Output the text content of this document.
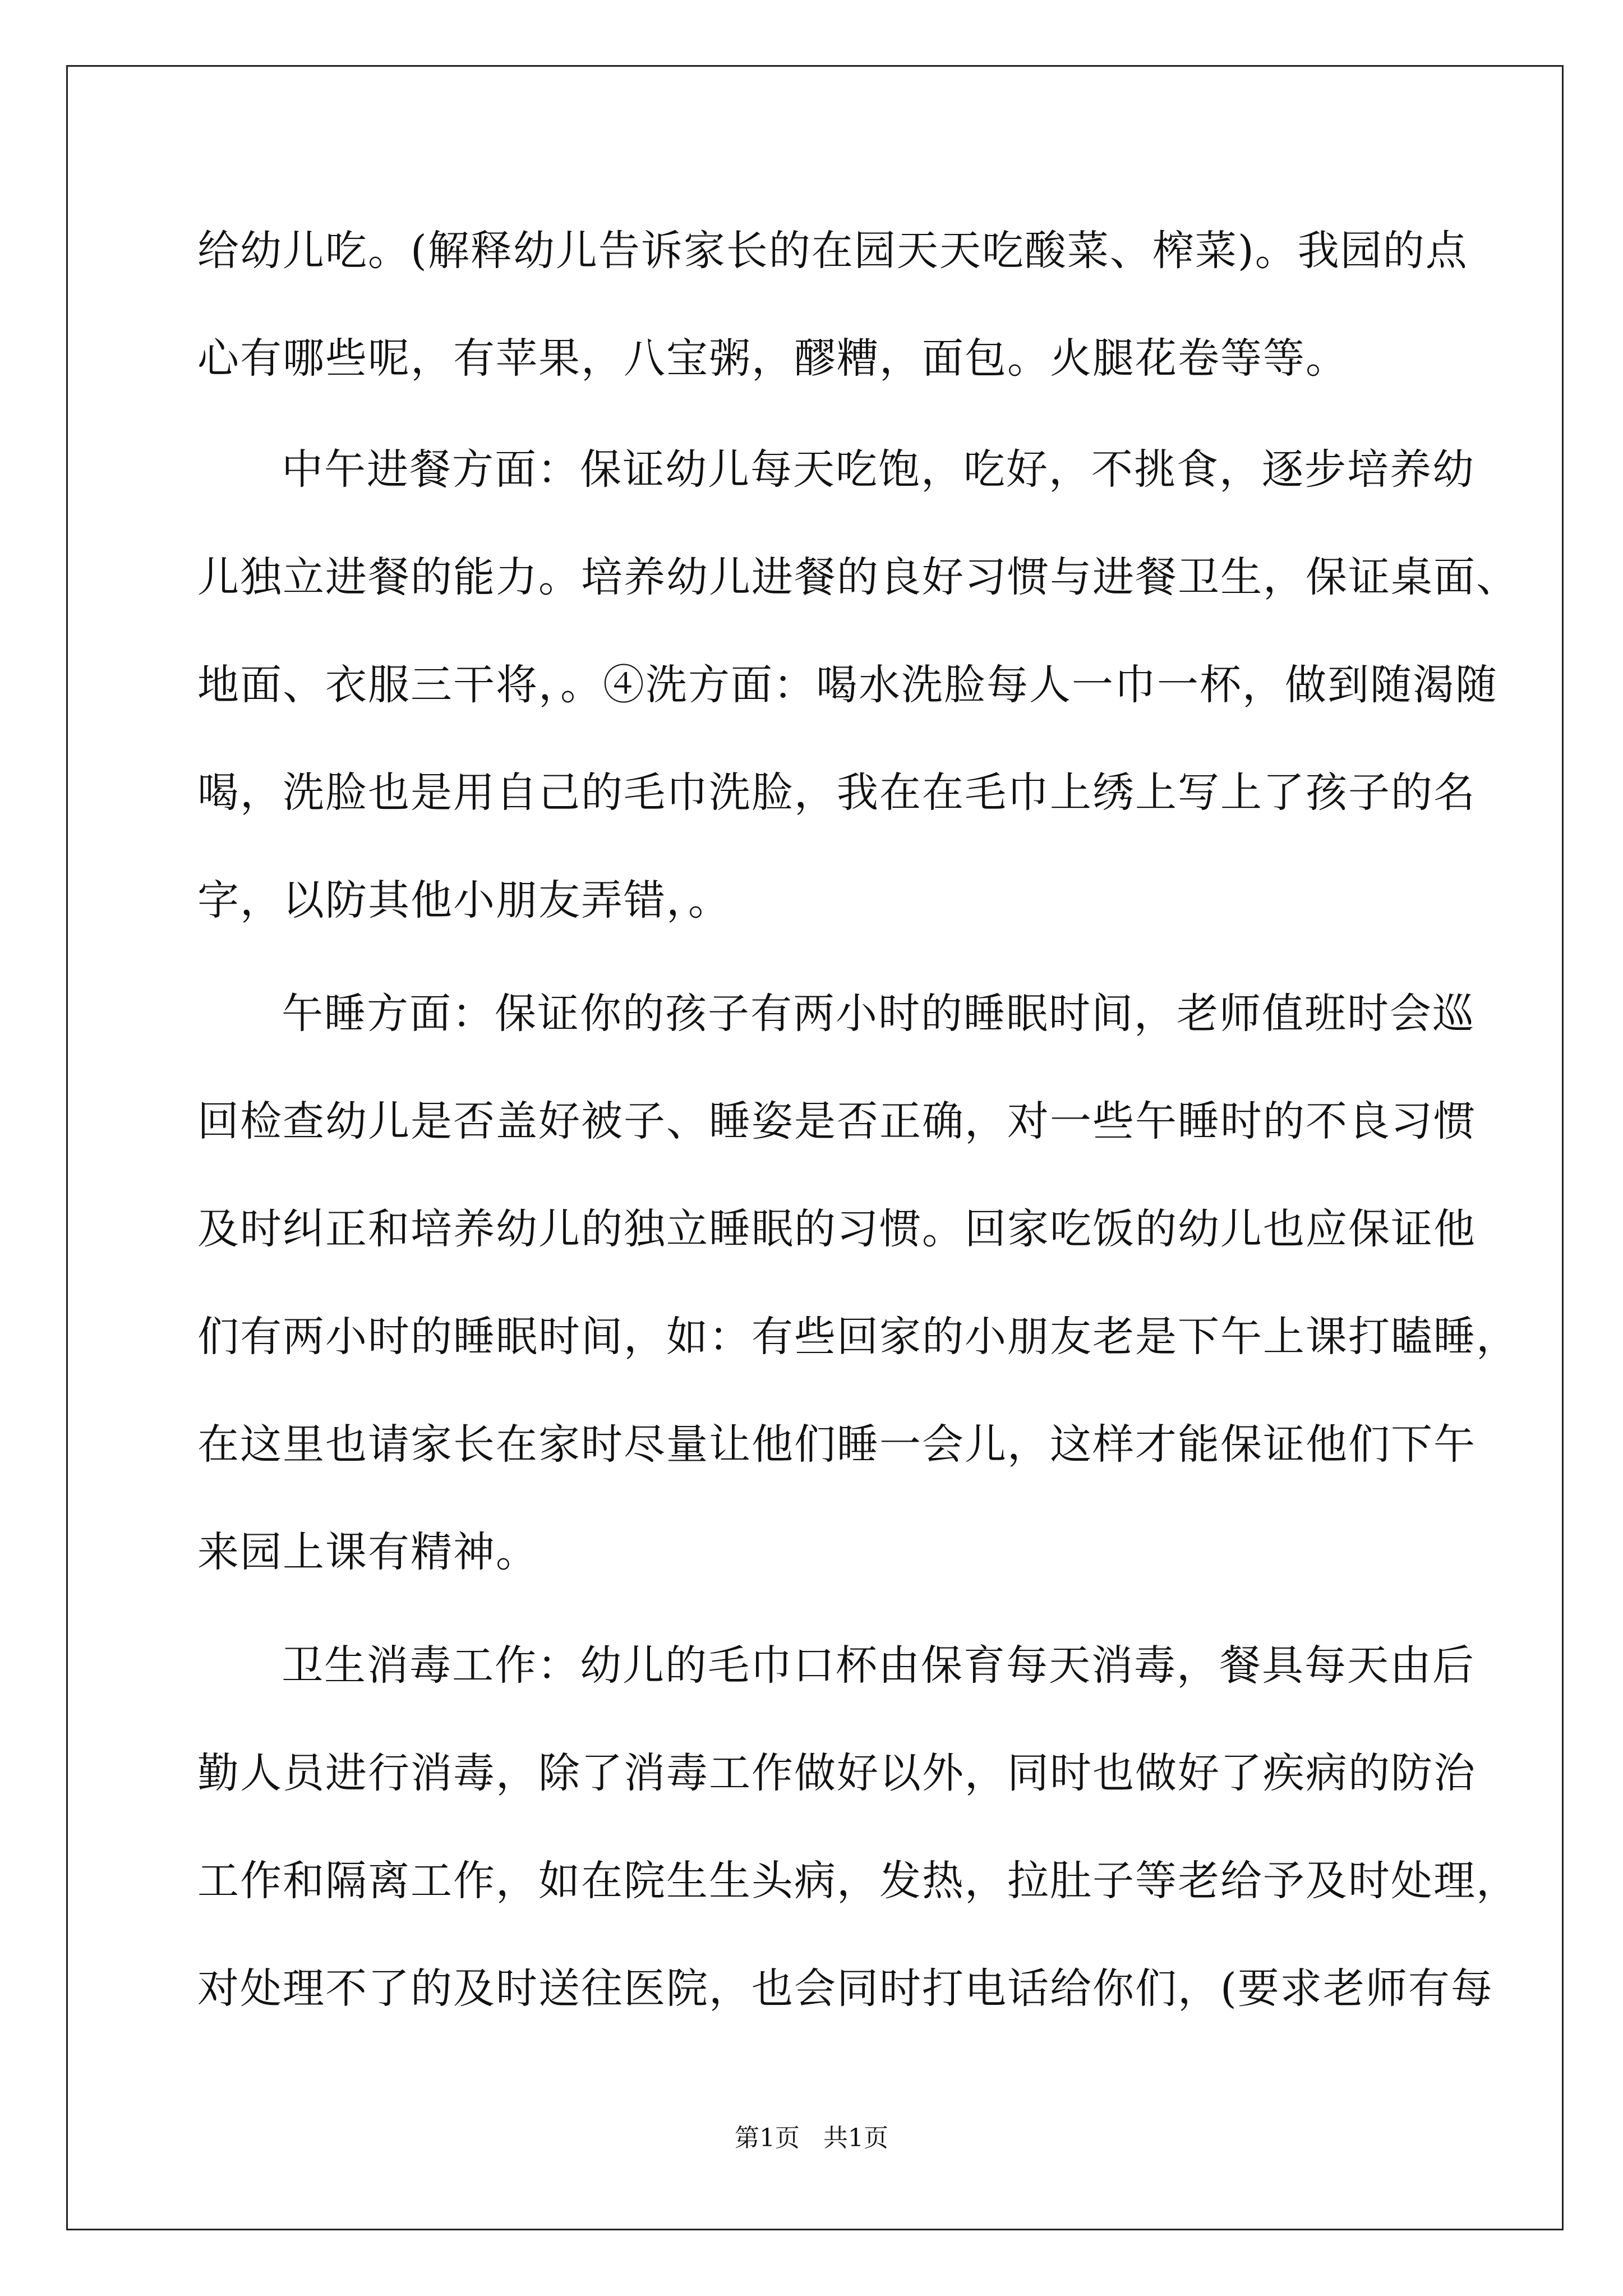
给幼儿吃。(解释幼儿告诉家长的在园天天吃酸菜、榨菜)。我园的点
心有哪些呢，有苹果，八宝粥，醪糟，面包。火腿花卷等等。
中午进餐方面：保证幼儿每天吃饱，吃好，不挑食，逐步培养幼
儿独立进餐的能力。培养幼儿进餐的良好习惯与进餐卫生，保证桌面、
地面、衣服三干将，。④洗方面：喝水洗脸每人一巾一杯，做到随渴随
喝，洗脸也是用自己的毛巾洗脸，我在在毛巾上绣上写上了孩子的名
字，以防其他小朋友弄错，。
午睡方面：保证你的孩子有两小时的睡眠时间，老师值班时会巡
回检查幼儿是否盖好被子、睡姿是否正确，对一些午睡时的不良习惯
及时纠正和培养幼儿的独立睡眠的习惯。回家吃饭的幼儿也应保证他
们有两小时的睡眠时间，如：有些回家的小朋友老是下午上课打瞌睡，
在这里也请家长在家时尽量让他们睡一会儿，这样才能保证他们下午
来园上课有精神。
卫生消毒工作：幼儿的毛巾口杯由保育每天消毒，餐具每天由后
勤人员进行消毒，除了消毒工作做好以外，同时也做好了疾病的防治
工作和隔离工作，如在院生生头病，发热，拉肚子等老给予及时处理，
对处理不了的及时送往医院，也会同时打电话给你们，(要求老师有每
第1页   共1页
